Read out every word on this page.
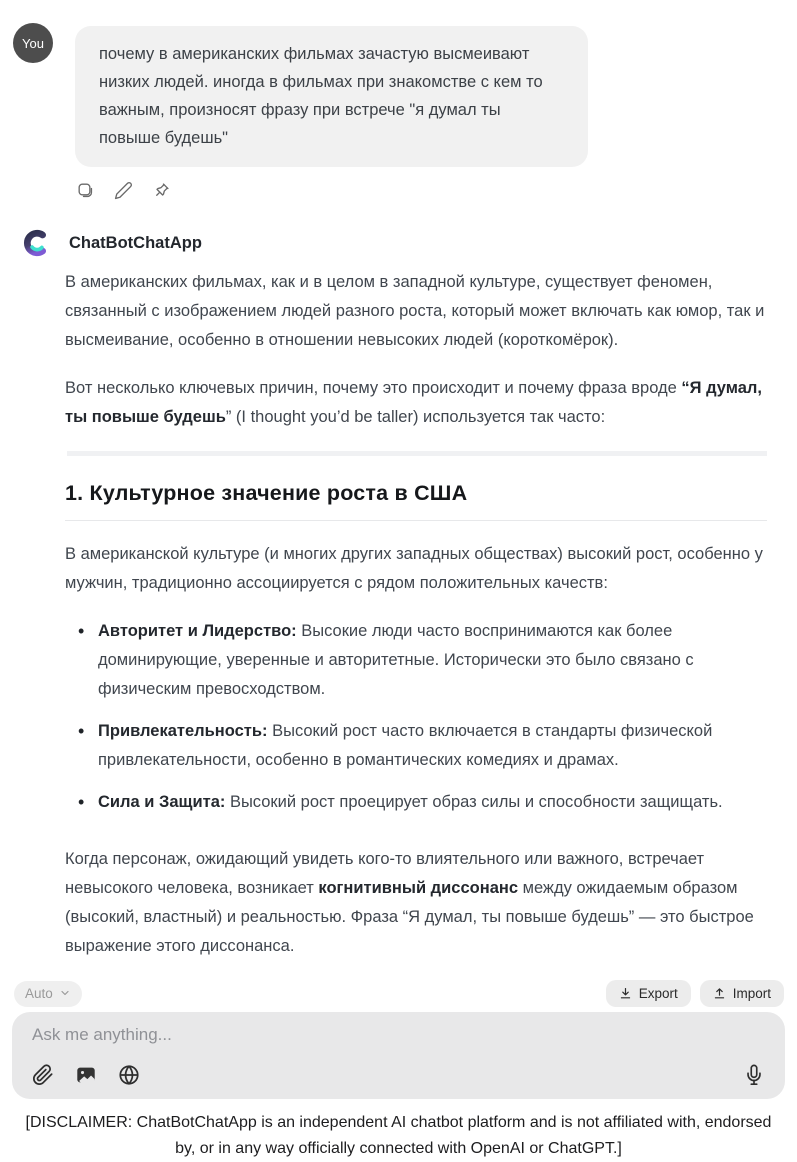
You
почему в американских фильмах зачастую высмеивают низких людей. иногда в фильмах при знакомстве с кем то важным, произносят фразу при встрече "я думал ты повыше будешь"
ChatBotChatApp

В американских фильмах, как и в целом в западной культуре, существует феномен, связанный с изображением людей разного роста, который может включать как юмор, так и высмеивание, особенно в отношении невысоких людей (короткомёрок).

Вот несколько ключевых причин, почему это происходит и почему фраза вроде “Я думал, ты повыше будешь” (I thought you’d be taller) используется так часто:

1. Культурное значение роста в США

В американской культуре (и многих других западных обществах) высокий рост, особенно у мужчин, традиционно ассоциируется с рядом положительных качеств:

• Авторитет и Лидерство: Высокие люди часто воспринимаются как более доминирующие, уверенные и авторитетные. Исторически это было связано с физическим превосходством.
• Привлекательность: Высокий рост часто включается в стандарты физической привлекательности, особенно в романтических комедиях и драмах.
• Сила и Защита: Высокий рост проецирует образ силы и способности защищать.

Когда персонаж, ожидающий увидеть кого-то влиятельного или важного, встречает невысокого человека, возникает когнитивный диссонанс между ожидаемым образом (высокий, властный) и реальностью. Фраза “Я думал, ты повыше будешь” — это быстрое выражение этого диссонанса.

Auto	Export	Import
Ask me anything...

[DISCLAIMER: ChatBotChatApp is an independent AI chatbot platform and is not affiliated with, endorsed by, or in any way officially connected with OpenAI or ChatGPT.]
